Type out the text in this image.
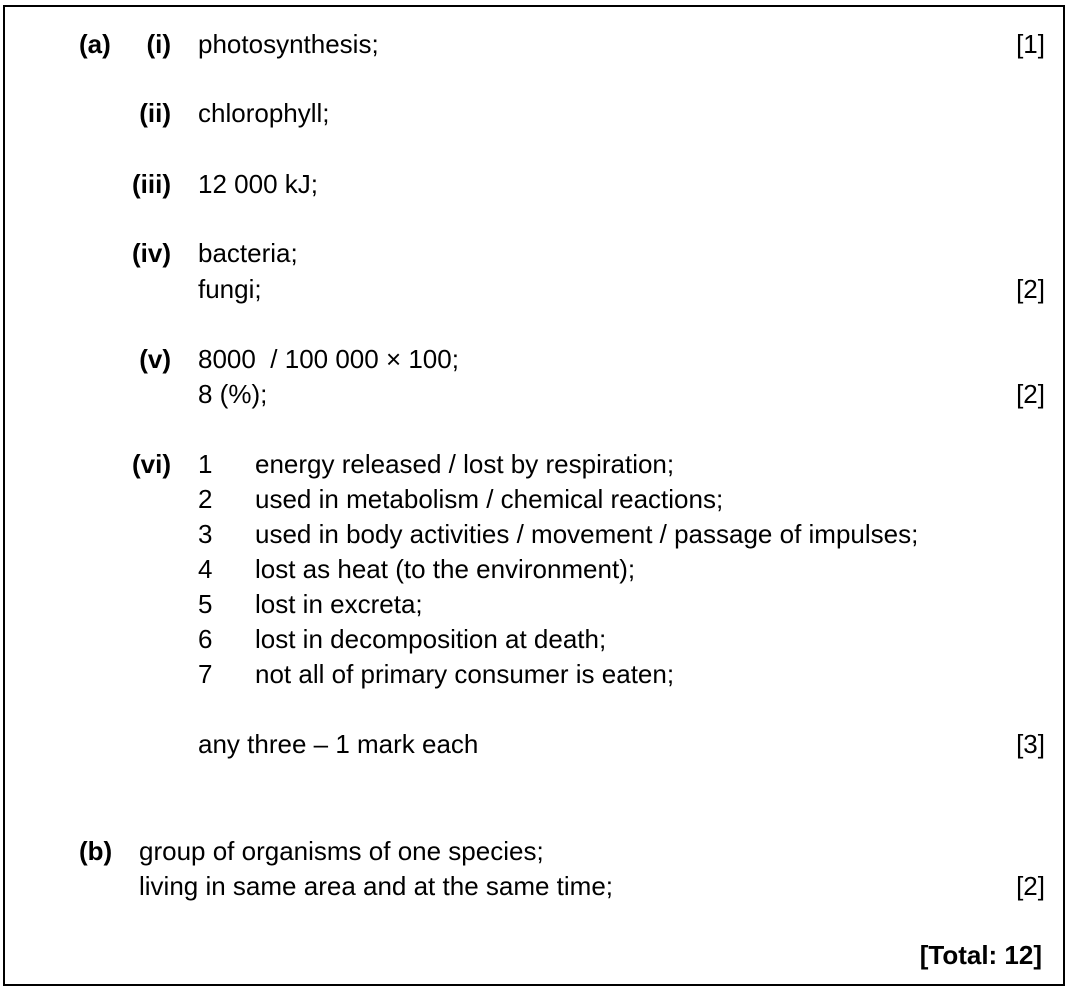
(a)	(i) photosynthesis;	[1]
(ii) chlorophyll;
(iii) 12 000 kJ;
(iv) bacteria;
fungi;	[2]
(v) 8000  / 100 000 × 100;
8 (%);	[2]
(vi) 1 energy released / lost by respiration;
2 used in metabolism / chemical reactions;
3 used in body activities / movement / passage of impulses;
4 lost as heat (to the environment);
5 lost in excreta;
6 lost in decomposition at death;
7 not all of primary consumer is eaten;
any three – 1 mark each	[3]
(b) group of organisms of one species;
living in same area and at the same time;	[2]
[Total: 12]
